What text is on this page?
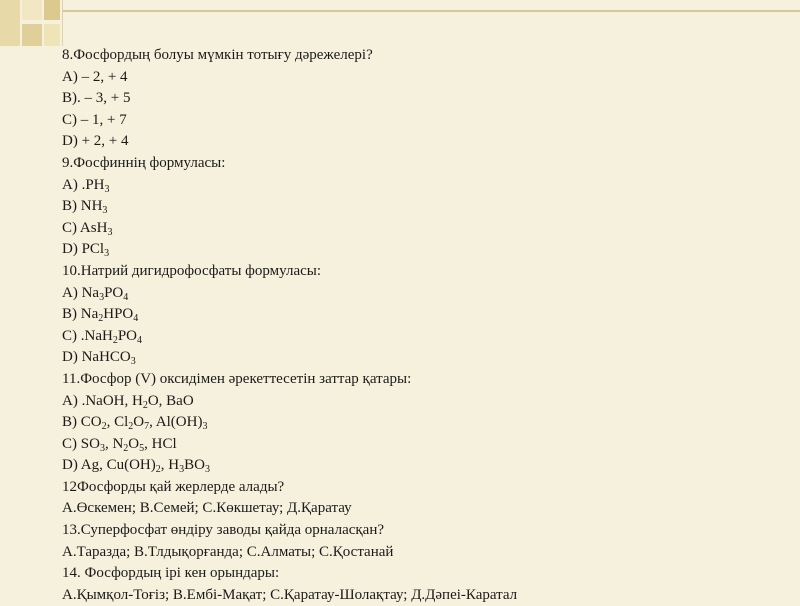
8.Фосфордың болуы мүмкін тотығу дәрежелері?
A) – 2, + 4
B). – 3, + 5
C) – 1, + 7
D) + 2, + 4
9.Фосфиннің формуласы:
A) $.PH_3$
B) $NH_3$
C) AsH$_3$
D) PCl$_3$
10.Натрий дигидрофосфаты формуласы:
A) $Na_3PO_4$
B) $Na_2HPO_4$
C) $.NaH_2PO_4$
D) NaHCO$_3$
11.Фосфор (V) оксидімен әрекеттесетін заттар қатары:
A) .NaOH, $H_2O$, BaO
B) $CO_2$, $Cl_2O_7$, $Al(OH)_3$
C) $SO_3$, $N_2O_5$, HCl
D) Ag, $Cu(OH)_2$, $H_3BO_3$
12Фосфорды қай жерлерде алады?
А.Өскемен; В.Семей; С.Көкшетау; Д.Қаратау
13.Суперфосфат өндіру заводы қайда орналасқан?
А.Таразда; В.Тлдықорғанда; С.Алматы; С.Қостанай
14. Фосфордың ірі кен орындары:
А.Қымқол-Тоғіз; В.Ембі-Мақат; С.Қаратау-Шолақтау; Д.Дәпеі-Каратал
